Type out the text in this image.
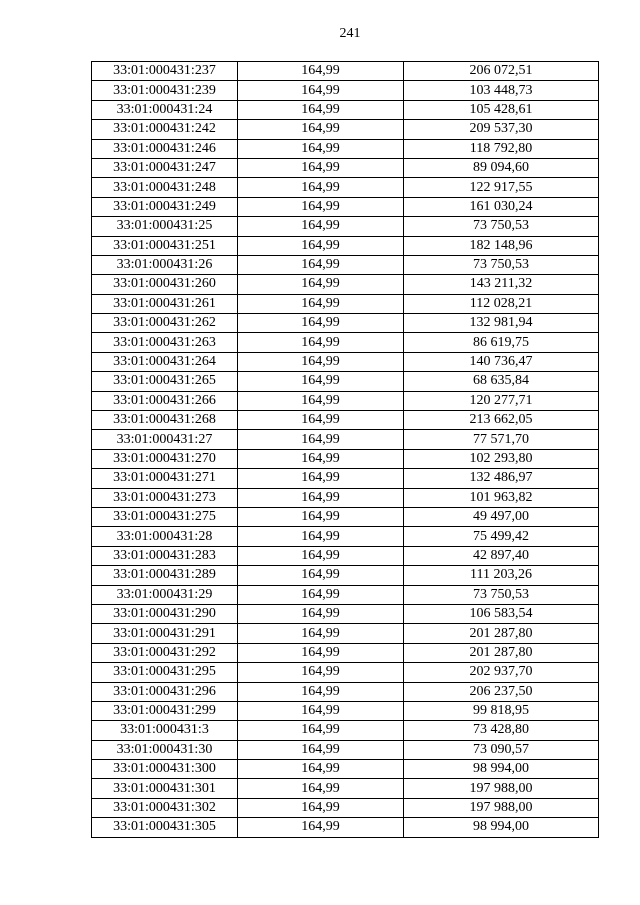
241
33:01:000431:237	164,99	206 072,51
33:01:000431:239	164,99	103 448,73
33:01:000431:24	164,99	105 428,61
33:01:000431:242	164,99	209 537,30
33:01:000431:246	164,99	118 792,80
33:01:000431:247	164,99	89 094,60
33:01:000431:248	164,99	122 917,55
33:01:000431:249	164,99	161 030,24
33:01:000431:25	164,99	73 750,53
33:01:000431:251	164,99	182 148,96
33:01:000431:26	164,99	73 750,53
33:01:000431:260	164,99	143 211,32
33:01:000431:261	164,99	112 028,21
33:01:000431:262	164,99	132 981,94
33:01:000431:263	164,99	86 619,75
33:01:000431:264	164,99	140 736,47
33:01:000431:265	164,99	68 635,84
33:01:000431:266	164,99	120 277,71
33:01:000431:268	164,99	213 662,05
33:01:000431:27	164,99	77 571,70
33:01:000431:270	164,99	102 293,80
33:01:000431:271	164,99	132 486,97
33:01:000431:273	164,99	101 963,82
33:01:000431:275	164,99	49 497,00
33:01:000431:28	164,99	75 499,42
33:01:000431:283	164,99	42 897,40
33:01:000431:289	164,99	111 203,26
33:01:000431:29	164,99	73 750,53
33:01:000431:290	164,99	106 583,54
33:01:000431:291	164,99	201 287,80
33:01:000431:292	164,99	201 287,80
33:01:000431:295	164,99	202 937,70
33:01:000431:296	164,99	206 237,50
33:01:000431:299	164,99	99 818,95
33:01:000431:3	164,99	73 428,80
33:01:000431:30	164,99	73 090,57
33:01:000431:300	164,99	98 994,00
33:01:000431:301	164,99	197 988,00
33:01:000431:302	164,99	197 988,00
33:01:000431:305	164,99	98 994,00
